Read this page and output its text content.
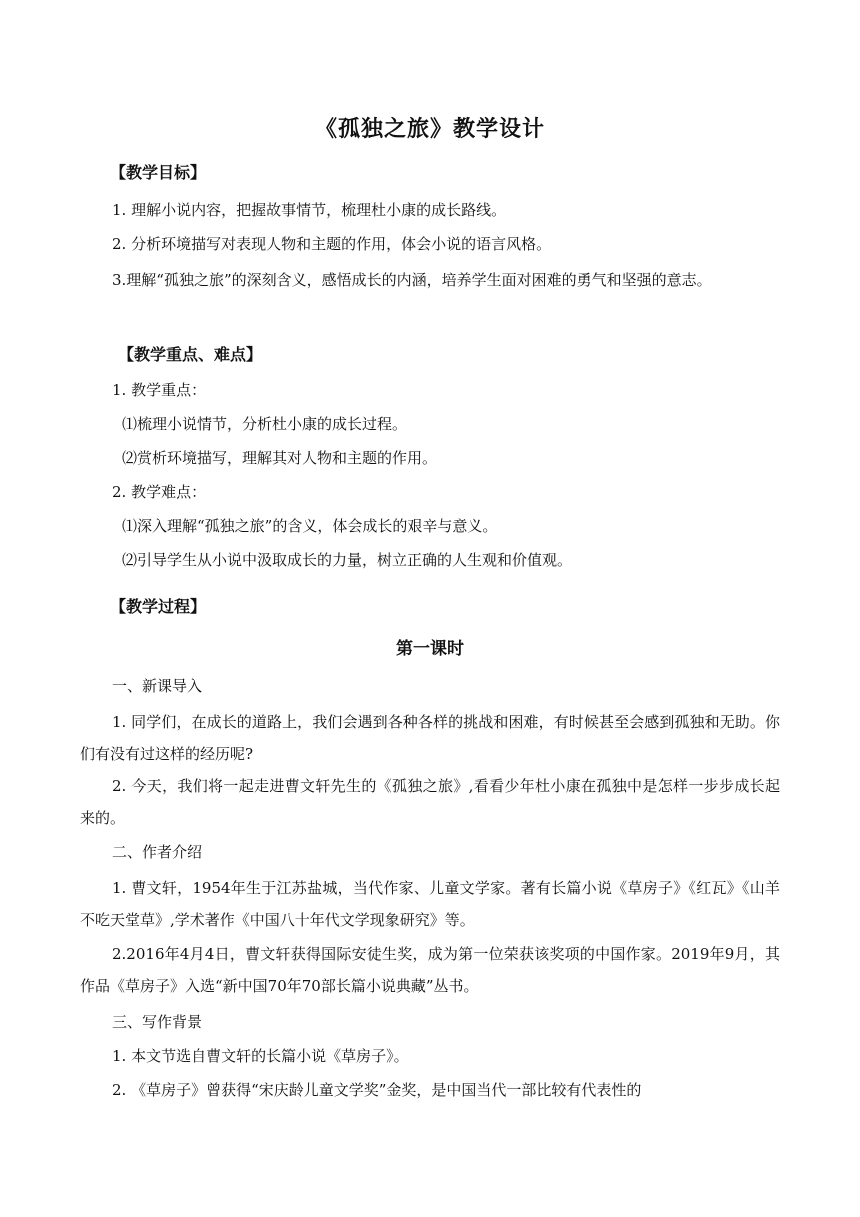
《孤独之旅》教学设计
【教学目标】

1. 理解小说内容，把握故事情节，梳理杜小康的成长路线。

2. 分析环境描写对表现人物和主题的作用，体会小说的语言风格。

3.理解“孤独之旅”的深刻含义，感悟成长的内涵，培养学生面对困难的勇气和坚强的意志。

【教学重点、难点】

1. 教学重点：

⑴梳理小说情节，分析杜小康的成长过程。

⑵赏析环境描写，理解其对人物和主题的作用。

2. 教学难点：

⑴深入理解“孤独之旅”的含义，体会成长的艰辛与意义。

⑵引导学生从小说中汲取成长的力量，树立正确的人生观和价值观。

【教学过程】
第一课时

一、新课导入

1. 同学们，在成长的道路上，我们会遇到各种各样的挑战和困难，有时候甚至会感到孤独和无助。你们有没有过这样的经历呢?

2. 今天，我们将一起走进曹文轩先生的《孤独之旅》,看看少年杜小康在孤独中是怎样一步步成长起来的。

二、作者介绍

1. 曹文轩，1954年生于江苏盐城，当代作家、儿童文学家。著有长篇小说《草房子》《红瓦》《山羊不吃天堂草》,学术著作《中国八十年代文学现象研究》等。

2.2016年4月4日，曹文轩获得国际安徒生奖，成为第一位荣获该奖项的中国作家。2019年9月，其作品《草房子》入选“新中国70年70部长篇小说典藏”丛书。

三、写作背景

1. 本文节选自曹文轩的长篇小说《草房子》。

2. 《草房子》曾获得“宋庆龄儿童文学奖”金奖，是中国当代一部比较有代表性的
